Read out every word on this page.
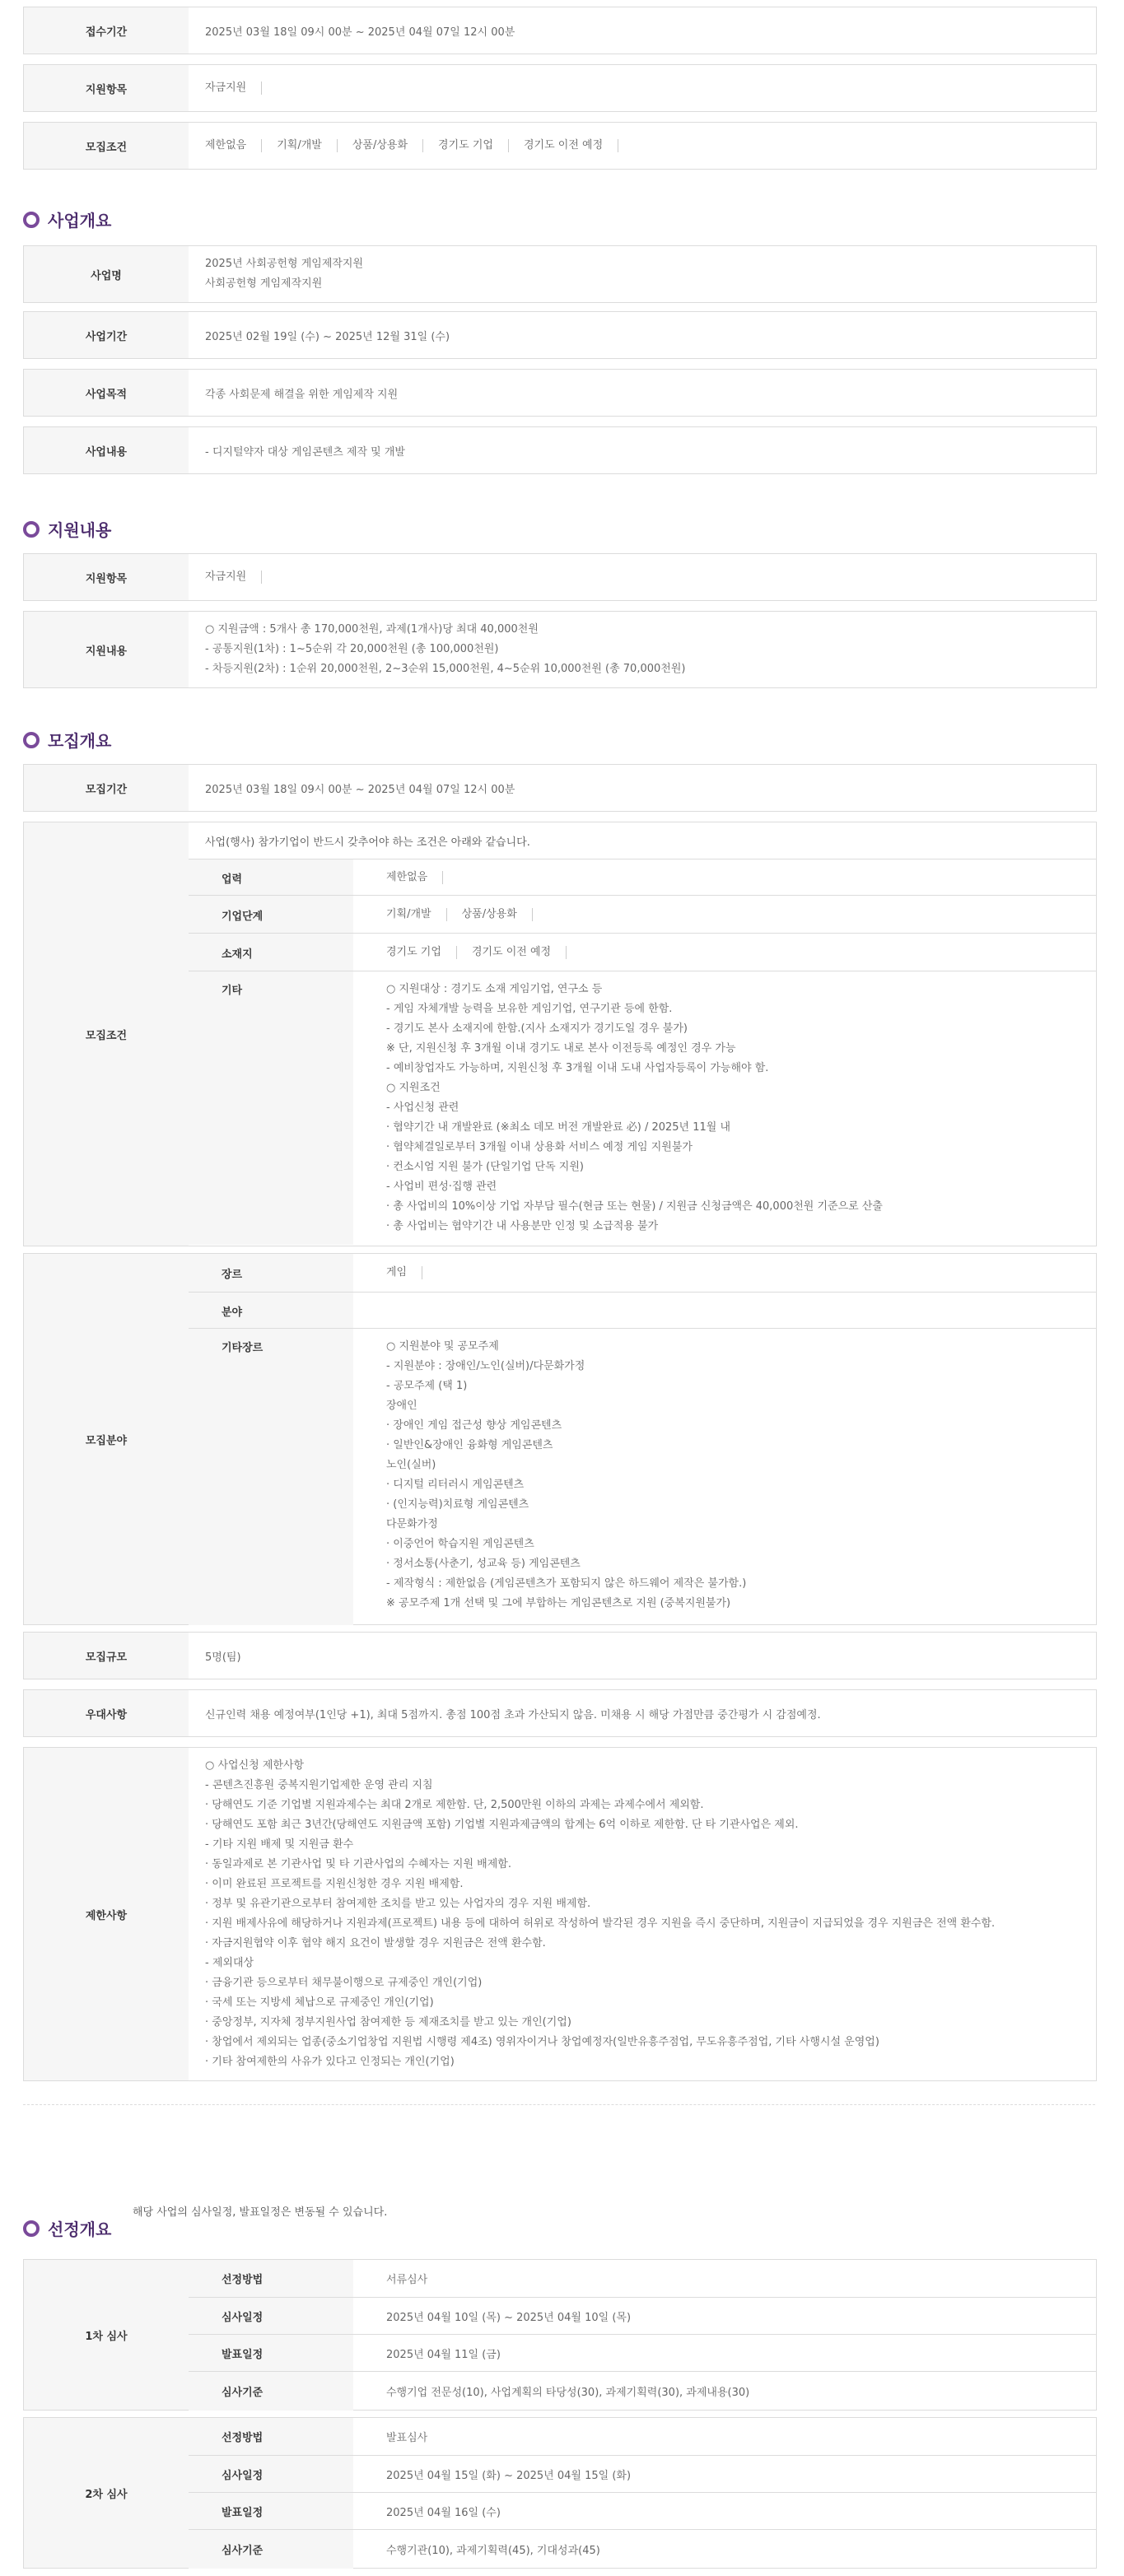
접수기간	2025년 03월 18일 09시 00분 ~ 2025년 04월 07일 12시 00분
지원항목	자금지원
모집조건	제한없음	기획/개발	상품/상용화	경기도 기업	경기도 이전 예정
사업개요
사업명
2025년 사회공헌형 게임제작지원
사회공헌형 게임제작지원
사업기간	2025년 02월 19일 (수) ~ 2025년 12월 31일 (수)
사업목적	각종 사회문제 해결을 위한 게임제작 지원
사업내용	- 디지털약자 대상 게임콘텐츠 제작 및 개발
지원내용
지원항목	자금지원
지원내용
○ 지원금액 : 5개사 총 170,000천원, 과제(1개사)당 최대 40,000천원
- 공통지원(1차) : 1~5순위 각 20,000천원 (총 100,000천원)
- 차등지원(2차) : 1순위 20,000천원, 2~3순위 15,000천원, 4~5순위 10,000천원 (총 70,000천원)
모집개요
모집기간	2025년 03월 18일 09시 00분 ~ 2025년 04월 07일 12시 00분
모집조건
사업(행사) 참가기업이 반드시 갖추어야 하는 조건은 아래와 같습니다.
업력	제한없음
기업단계	기획/개발	상품/상용화
소재지	경기도 기업	경기도 이전 예정
기타	○ 지원대상 : 경기도 소재 게임기업, 연구소 등
- 게임 자체개발 능력을 보유한 게임기업, 연구기관 등에 한함.
- 경기도 본사 소재지에 한함.(지사 소재지가 경기도일 경우 불가)
※ 단, 지원신청 후 3개월 이내 경기도 내로 본사 이전등록 예정인 경우 가능
- 예비창업자도 가능하며, 지원신청 후 3개월 이내 도내 사업자등록이 가능해야 함.
○ 지원조건
- 사업신청 관련
· 협약기간 내 개발완료 (※최소 데모 버전 개발완료 必) / 2025년 11월 내
· 협약체결일로부터 3개월 이내 상용화 서비스 예정 게임 지원불가
· 컨소시엄 지원 불가 (단일기업 단독 지원)
- 사업비 편성·집행 관련
· 총 사업비의 10%이상 기업 자부담 필수(현금 또는 현물) / 지원금 신청금액은 40,000천원 기준으로 산출
· 총 사업비는 협약기간 내 사용분만 인정 및 소급적용 불가
모집분야
장르	게임
분야
기타장르	○ 지원분야 및 공모주제
- 지원분야 : 장애인/노인(실버)/다문화가정
- 공모주제 (택 1)
장애인
· 장애인 게임 접근성 향상 게임콘텐츠
· 일반인&장애인 융화형 게임콘텐츠
노인(실버)
· 디지털 리터러시 게임콘텐츠
· (인지능력)치료형 게임콘텐츠
다문화가정
· 이중언어 학습지원 게임콘텐츠
· 정서소통(사춘기, 성교육 등) 게임콘텐츠
- 제작형식 : 제한없음 (게임콘텐츠가 포함되지 않은 하드웨어 제작은 불가함.)
※ 공모주제 1개 선택 및 그에 부합하는 게임콘텐츠로 지원 (중복지원불가)
모집규모	5명(팀)
우대사항	신규인력 채용 예정여부(1인당 +1), 최대 5점까지. 총점 100점 초과 가산되지 않음. 미채용 시 해당 가점만큼 중간평가 시 감점예정.
제한사항
○ 사업신청 제한사항
- 콘텐츠진흥원 중복지원기업제한 운영 관리 지침
· 당해연도 기준 기업별 지원과제수는 최대 2개로 제한함. 단, 2,500만원 이하의 과제는 과제수에서 제외함.
· 당해연도 포함 최근 3년간(당해연도 지원금액 포함) 기업별 지원과제금액의 합계는 6억 이하로 제한함. 단 타 기관사업은 제외.
- 기타 지원 배제 및 지원금 환수
· 동일과제로 본 기관사업 및 타 기관사업의 수혜자는 지원 배제함.
· 이미 완료된 프로젝트를 지원신청한 경우 지원 배제함.
· 정부 및 유관기관으로부터 참여제한 조치를 받고 있는 사업자의 경우 지원 배제함.
· 지원 배제사유에 해당하거나 지원과제(프로젝트) 내용 등에 대하여 허위로 작성하여 발각된 경우 지원을 즉시 중단하며, 지원금이 지급되었을 경우 지원금은 전액 환수함.
· 자금지원협약 이후 협약 해지 요건이 발생할 경우 지원금은 전액 환수함.
- 제외대상
· 금융기관 등으로부터 채무불이행으로 규제중인 개인(기업)
· 국세 또는 지방세 체납으로 규제중인 개인(기업)
· 중앙정부, 지자체 정부지원사업 참여제한 등 제재조치를 받고 있는 개인(기업)
· 창업에서 제외되는 업종(중소기업창업 지원법 시행령 제4조) 영위자이거나 창업예정자(일반유흥주점업, 무도유흥주점업, 기타 사행시설 운영업)
· 기타 참여제한의 사유가 있다고 인정되는 개인(기업)
선정개요
해당 사업의 심사일정, 발표일정은 변동될 수 있습니다.
1차 심사
선정방법	서류심사
심사일정	2025년 04월 10일 (목) ~ 2025년 04월 10일 (목)
발표일정	2025년 04월 11일 (금)
심사기준	수행기업 전문성(10), 사업계획의 타당성(30), 과제기획력(30), 과제내용(30)
2차 심사
선정방법	발표심사
심사일정	2025년 04월 15일 (화) ~ 2025년 04월 15일 (화)
발표일정	2025년 04월 16일 (수)
심사기준	수행기관(10), 과제기획력(45), 기대성과(45)
